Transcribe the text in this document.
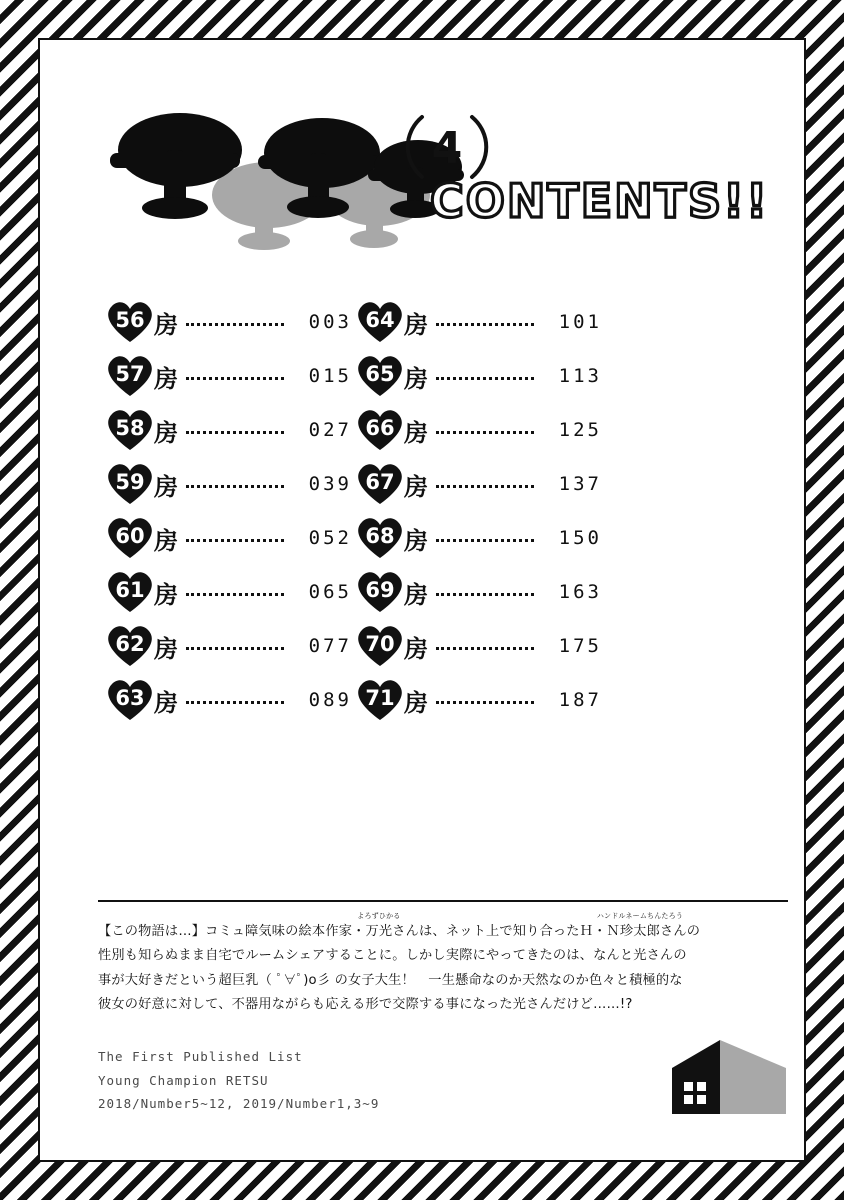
4
CONTENTS!!
56 房	003
57 房	015
58 房	027
59 房	039
60 房	052
61 房	065
62 房	077
63 房	089
64 房	101
65 房	113
66 房	125
67 房	137
68 房	150
69 房	163
70 房	175
71 房	187

【この物語は…】コミュ障気味の絵本作家・
よろずひかる
万光さんは、ネット上で知り合ったＨ・Ｎ
ハンドルネームちんたろう
珍太郎さんの

性別も知らぬまま自宅でルームシェアすることに。しかし実際にやってきたのは、なんと光さんの

事が大好きだという超巨乳（ ﾟ∀ﾟ)o彡 の女子大生！　一生懸命なのか天然なのか色々と積極的な

彼女の好意に対して、不器用ながらも応える形で交際する事になった光さんだけど……!?

The First Published List
Young Champion RETSU
2018/Number5~12, 2019/Number1,3~9
